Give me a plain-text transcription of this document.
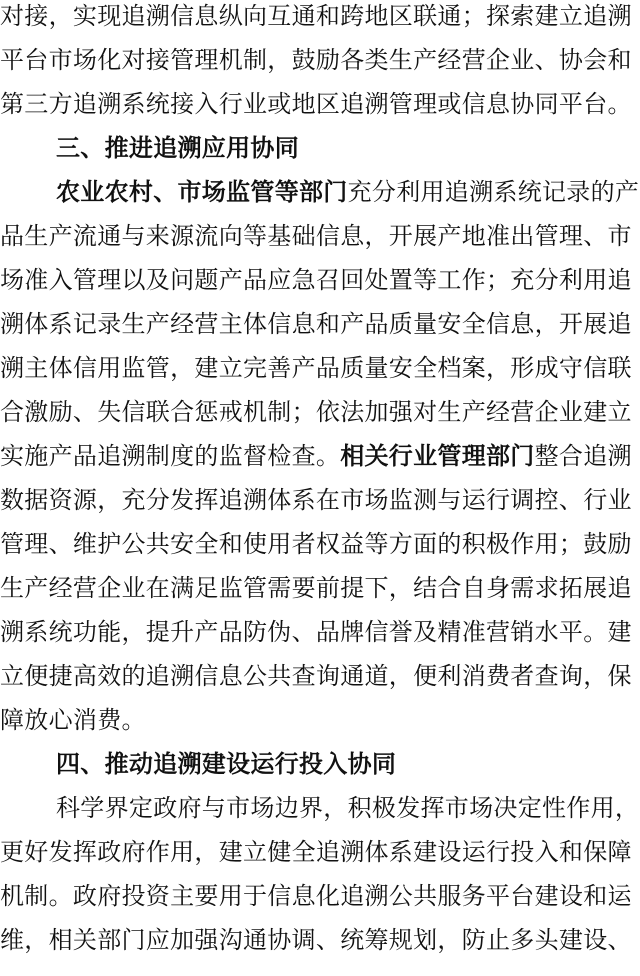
对接，实现追溯信息纵向互通和跨地区联通；探索建立追溯
平台市场化对接管理机制，鼓励各类生产经营企业、协会和
第三方追溯系统接入行业或地区追溯管理或信息协同平台。
三、推进追溯应用协同
农业农村、市场监管等部门充分利用追溯系统记录的产
品生产流通与来源流向等基础信息，开展产地准出管理、市
场准入管理以及问题产品应急召回处置等工作；充分利用追
溯体系记录生产经营主体信息和产品质量安全信息，开展追
溯主体信用监管，建立完善产品质量安全档案，形成守信联
合激励、失信联合惩戒机制；依法加强对生产经营企业建立
实施产品追溯制度的监督检查。相关行业管理部门整合追溯
数据资源，充分发挥追溯体系在市场监测与运行调控、行业
管理、维护公共安全和使用者权益等方面的积极作用；鼓励
生产经营企业在满足监管需要前提下，结合自身需求拓展追
溯系统功能，提升产品防伪、品牌信誉及精准营销水平。建
立便捷高效的追溯信息公共查询通道，便利消费者查询，保
障放心消费。
四、推动追溯建设运行投入协同
科学界定政府与市场边界，积极发挥市场决定性作用，
更好发挥政府作用，建立健全追溯体系建设运行投入和保障
机制。政府投资主要用于信息化追溯公共服务平台建设和运
维，相关部门应加强沟通协调、统筹规划，防止多头建设、
